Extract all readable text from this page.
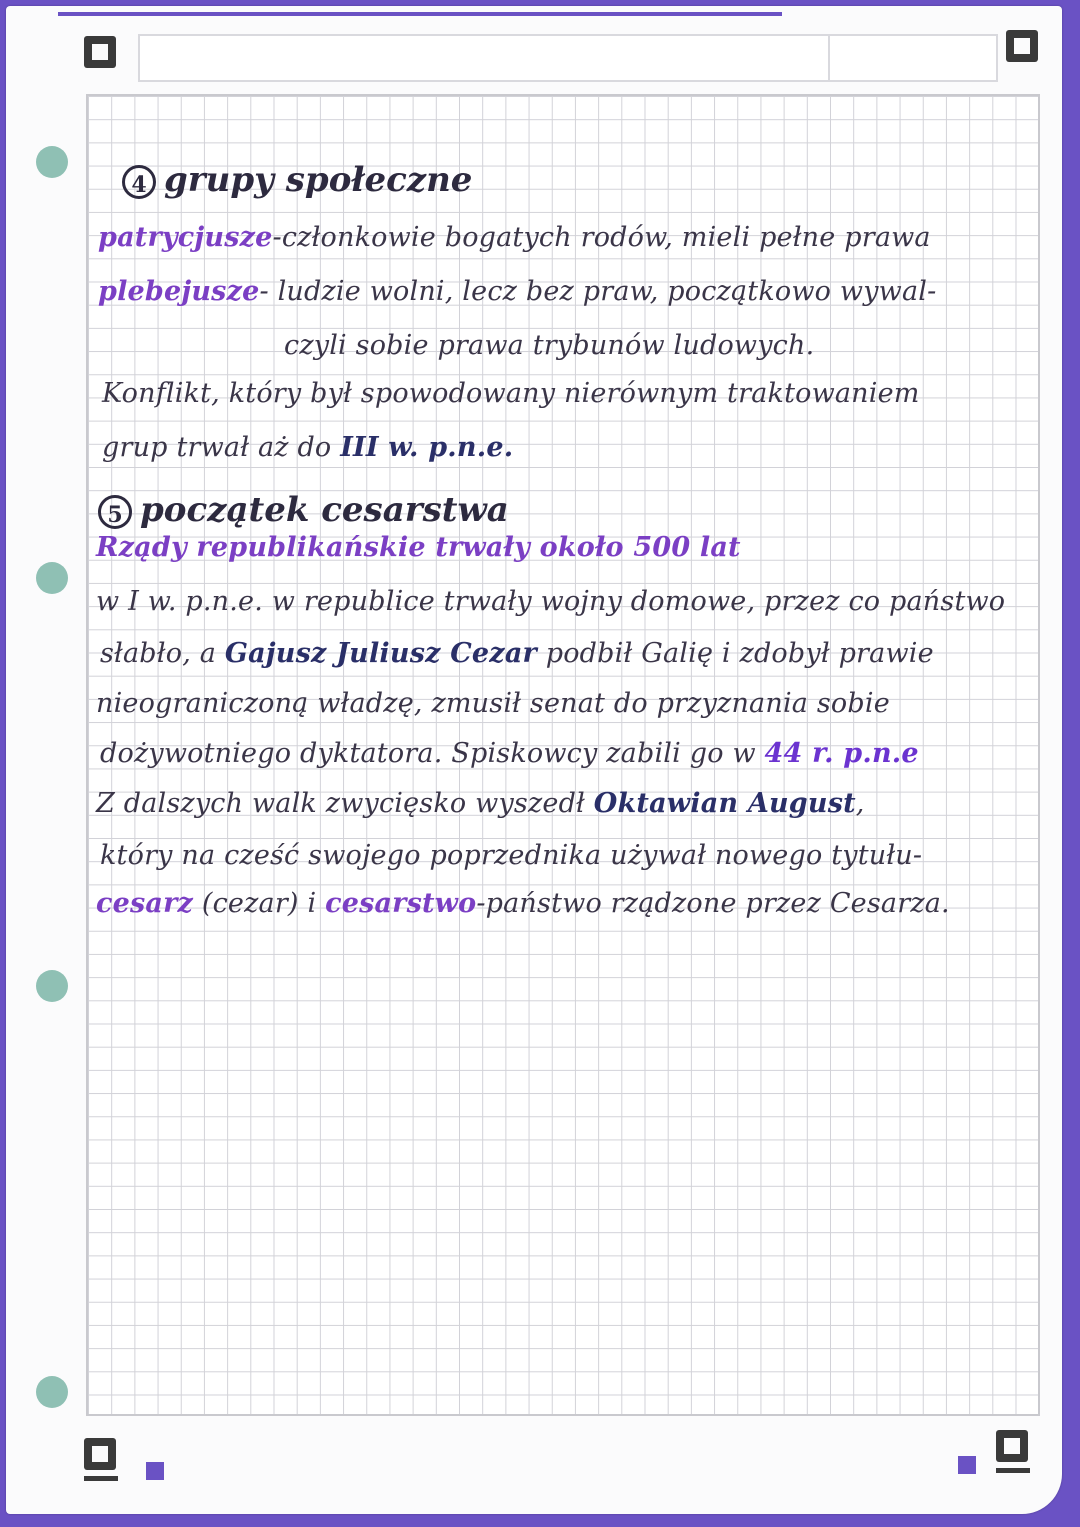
4 grupy społeczne
patrycjusze-członkowie bogatych rodów, mieli pełne prawa
plebejusze- ludzie wolni, lecz bez praw, początkowo wywal-
czyli sobie prawa trybunów ludowych.
Konflikt, który był spowodowany nierównym traktowaniem
grup trwał aż do III w. p.n.e.
5 początek cesarstwa
Rządy republikańskie trwały około 500 lat
w I w. p.n.e. w republice trwały wojny domowe, przez co państwo
słabło, a Gajusz Juliusz Cezar podbił Galię i zdobył prawie
nieograniczoną władzę, zmusił senat do przyznania sobie
dożywotniego dyktatora. Spiskowcy zabili go w 44 r. p.n.e
Z dalszych walk zwycięsko wyszedł Oktawian August,
który na cześć swojego poprzednika używał nowego tytułu-
cesarz (cezar) i cesarstwo-państwo rządzone przez Cesarza.
